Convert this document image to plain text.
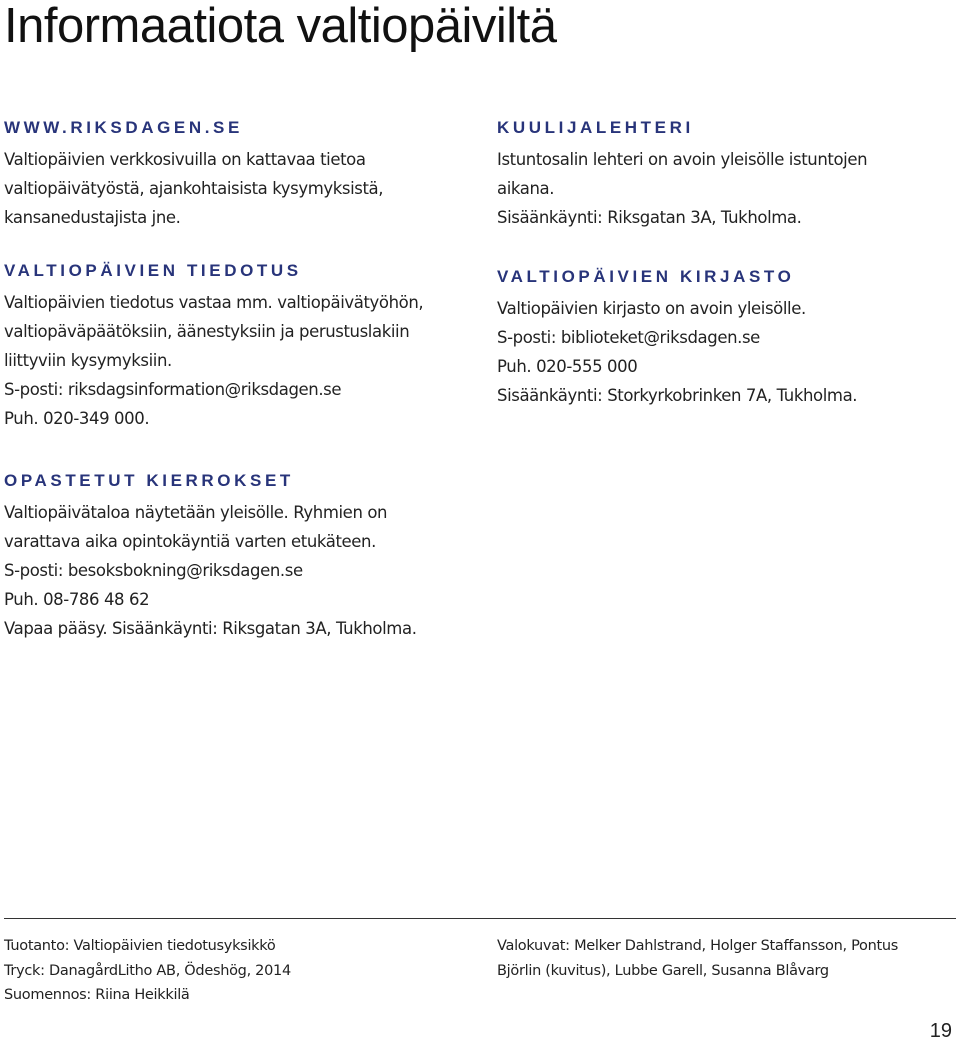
Informaatiota valtiopäiviltä
WWW.RIKSDAGEN.SE
Valtiopäivien verkkosivuilla on kattavaa tietoa
valtiopäivätyöstä, ajankohtaisista kysymyksistä,
kansanedustajista jne.
VALTIOPÄIVIEN TIEDOTUS
Valtiopäivien tiedotus vastaa mm. valtiopäivätyöhön,
valtiopäväpäätöksiin, äänestyksiin ja perustuslakiin
liittyviin kysymyksiin.
S-posti: riksdagsinformation@riksdagen.se
Puh. 020-349 000.
OPASTETUT KIERROKSET
Valtiopäivätaloa näytetään yleisölle. Ryhmien on
varattava aika opintokäyntiä varten etukäteen.
S-posti: besoksbokning@riksdagen.se
Puh. 08-786 48 62
Vapaa pääsy. Sisäänkäynti: Riksgatan 3A, Tukholma.
KUULIJALEHTERI
Istuntosalin lehteri on avoin yleisölle istuntojen
aikana.
Sisäänkäynti: Riksgatan 3A, Tukholma.
VALTIOPÄIVIEN KIRJASTO
Valtiopäivien kirjasto on avoin yleisölle.
S-posti: biblioteket@riksdagen.se
Puh. 020-555 000
Sisäänkäynti: Storkyrkobrinken 7A, Tukholma.
Tuotanto: Valtiopäivien tiedotusyksikkö
Tryck: DanagårdLitho AB, Ödeshög, 2014
Suomennos: Riina Heikkilä
Valokuvat: Melker Dahlstrand, Holger Staffansson, Pontus
Björlin (kuvitus), Lubbe Garell, Susanna Blåvarg
19
